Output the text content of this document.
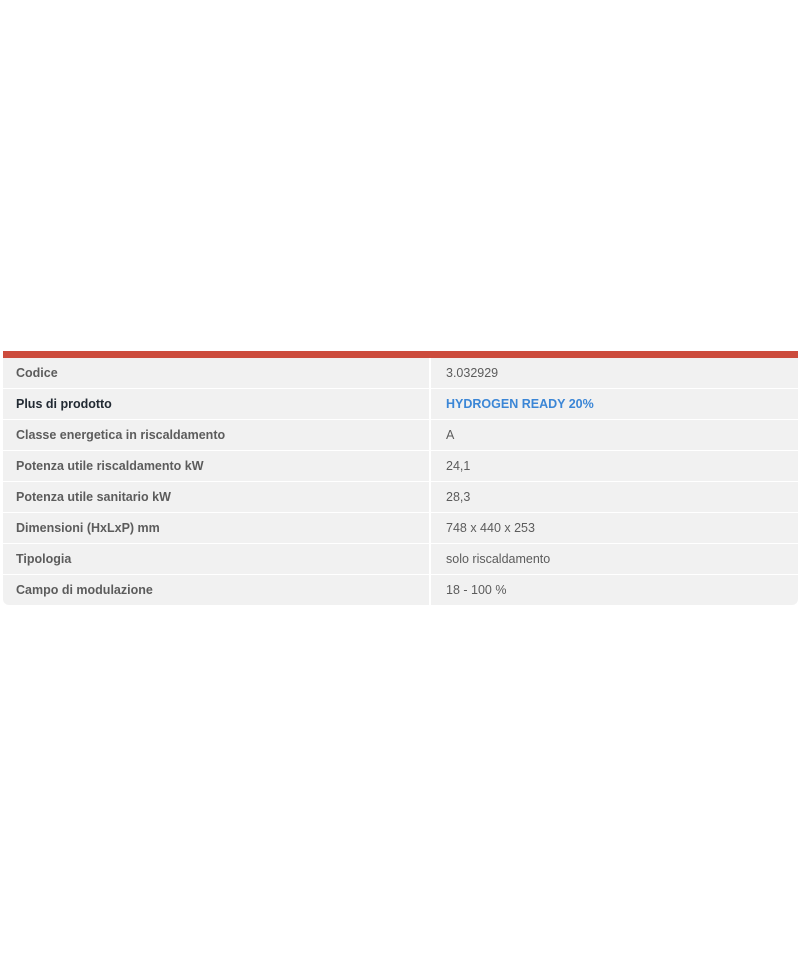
Codice	3.032929
Plus di prodotto	HYDROGEN READY 20%
Classe energetica in riscaldamento	A
Potenza utile riscaldamento kW	24,1
Potenza utile sanitario kW	28,3
Dimensioni (HxLxP) mm	748 x 440 x 253
Tipologia	solo riscaldamento
Campo di modulazione	18 - 100 %
